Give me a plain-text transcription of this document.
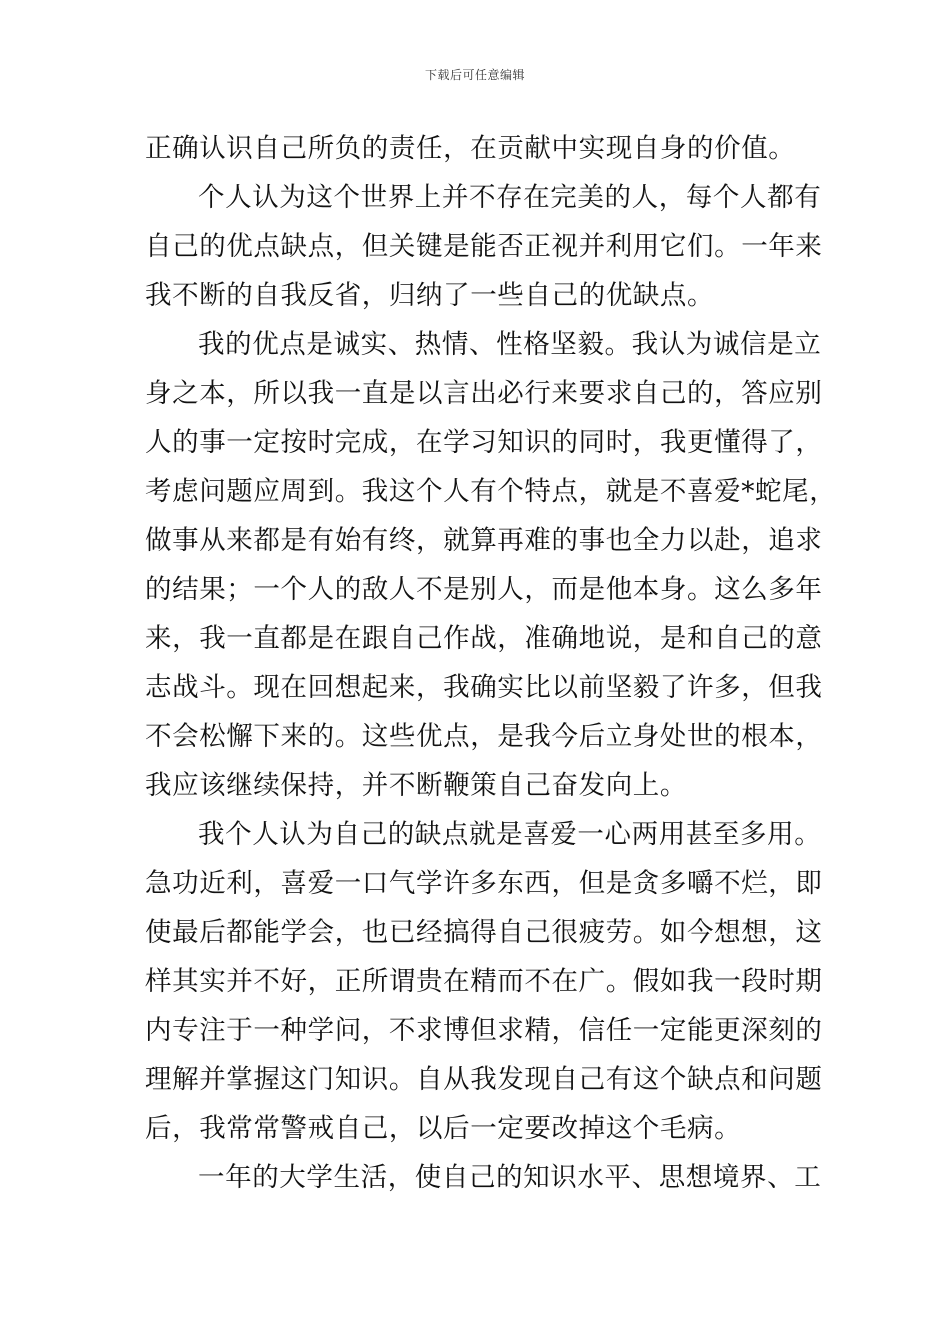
下载后可任意编辑
正确认识自己所负的责任，在贡献中实现自身的价值。
个人认为这个世界上并不存在完美的人，每个人都有
自己的优点缺点，但关键是能否正视并利用它们。一年来
我不断的自我反省，归纳了一些自己的优缺点。
我的优点是诚实、热情、性格坚毅。我认为诚信是立
身之本，所以我一直是以言出必行来要求自己的，答应别
人的事一定按时完成，在学习知识的同时，我更懂得了，
考虑问题应周到。我这个人有个特点，就是不喜爱*蛇尾，
做事从来都是有始有终，就算再难的事也全力以赴，追求
的结果；一个人的敌人不是别人，而是他本身。这么多年
来，我一直都是在跟自己作战，准确地说，是和自己的意
志战斗。现在回想起来，我确实比以前坚毅了许多，但我
不会松懈下来的。这些优点，是我今后立身处世的根本，
我应该继续保持，并不断鞭策自己奋发向上。
我个人认为自己的缺点就是喜爱一心两用甚至多用。
急功近利，喜爱一口气学许多东西，但是贪多嚼不烂，即
使最后都能学会，也已经搞得自己很疲劳。如今想想，这
样其实并不好，正所谓贵在精而不在广。假如我一段时期
内专注于一种学问，不求博但求精，信任一定能更深刻的
理解并掌握这门知识。自从我发现自己有这个缺点和问题
后，我常常警戒自己，以后一定要改掉这个毛病。
一年的大学生活，使自己的知识水平、思想境界、工
